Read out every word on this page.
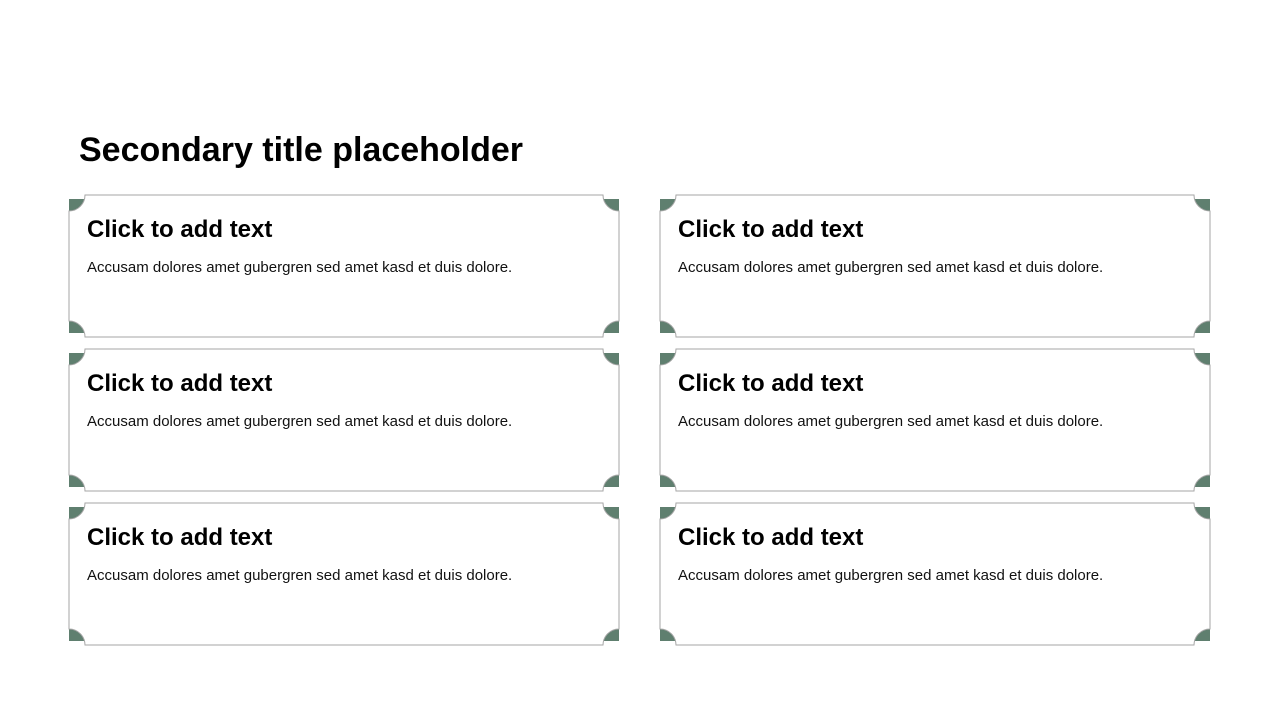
Secondary title placeholder
Click to add text
Accusam dolores amet gubergren sed amet kasd et duis dolore.
Click to add text
Accusam dolores amet gubergren sed amet kasd et duis dolore.
Click to add text
Accusam dolores amet gubergren sed amet kasd et duis dolore.
Click to add text
Accusam dolores amet gubergren sed amet kasd et duis dolore.
Click to add text
Accusam dolores amet gubergren sed amet kasd et duis dolore.
Click to add text
Accusam dolores amet gubergren sed amet kasd et duis dolore.
